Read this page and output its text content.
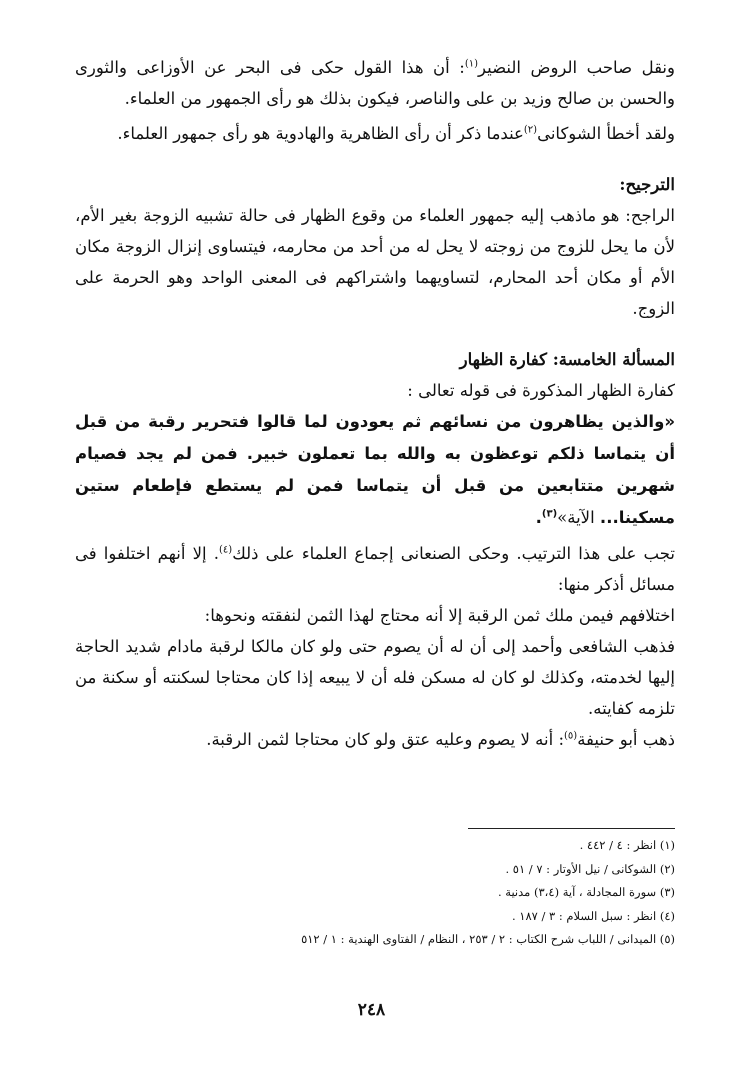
ونقل صاحب الروض النضير$^{(١)}$: أن هذا القول حكى فى البحر عن الأوزاعى والثورى والحسن بن صالح وزيد بن على والناصر، فيكون بذلك هو رأى الجمهور من العلماء.

ولقد أخطأ الشوكانى$^{(٢)}$عندما ذكر أن رأى الظاهرية والهادوية هو رأى جمهور العلماء.

الترجيح:

الراجح: هو ماذهب إليه جمهور العلماء من وقوع الظهار فى حالة تشبيه الزوجة بغير الأم، لأن ما يحل للزوج من زوجته لا يحل له من أحد من محارمه، فيتساوى إنزال الزوجة مكان الأم أو مكان أحد المحارم، لتساويهما واشتراكهم فى المعنى الواحد وهو الحرمة على الزوج.

المسألة الخامسة: كفارة الظهار

كفارة الظهار المذكورة فى قوله تعالى :

«والذين يظاهرون من نسائهم ثم يعودون لما قالوا فتحرير رقبة من قبل أن يتماسا ذلكم توعظون به والله بما تعملون خبير. فمن لم يجد فصيام شهرين متتابعين من قبل أن يتماسا فمن لم يستطع فإطعام ستين مسكينا... الآية»$^{(٣)}$.

تجب على هذا الترتيب. وحكى الصنعانى إجماع العلماء على ذلك$^{(٤)}$. إلا أنهم اختلفوا فى مسائل أذكر منها:

اختلافهم فيمن ملك ثمن الرقبة إلا أنه محتاج لهذا الثمن لنفقته ونحوها:

فذهب الشافعى وأحمد إلى أن له أن يصوم حتى ولو كان مالكا لرقبة مادام شديد الحاجة إليها لخدمته، وكذلك لو كان له مسكن فله أن لا يبيعه إذا كان محتاجا لسكنته أو سكنة من تلزمه كفايته.

ذهب أبو حنيفة$^{(٥)}$: أنه لا يصوم وعليه عتق ولو كان محتاجا لثمن الرقبة.

(١) انظر : ٤ / ٤٤٢ .

(٢) الشوكانى / نيل الأوتار : ٧ / ٥١ .

(٣) سورة المجادلة ، آية (٣،٤) مدنية .

(٤) انظر : سبل السلام : ٣ / ١٨٧ .

(٥) الميدانى / اللباب شرح الكتاب : ٢ / ٢٥٣ ، النظام / الفتاوى الهندية : ١ / ٥١٢

٢٤٨
